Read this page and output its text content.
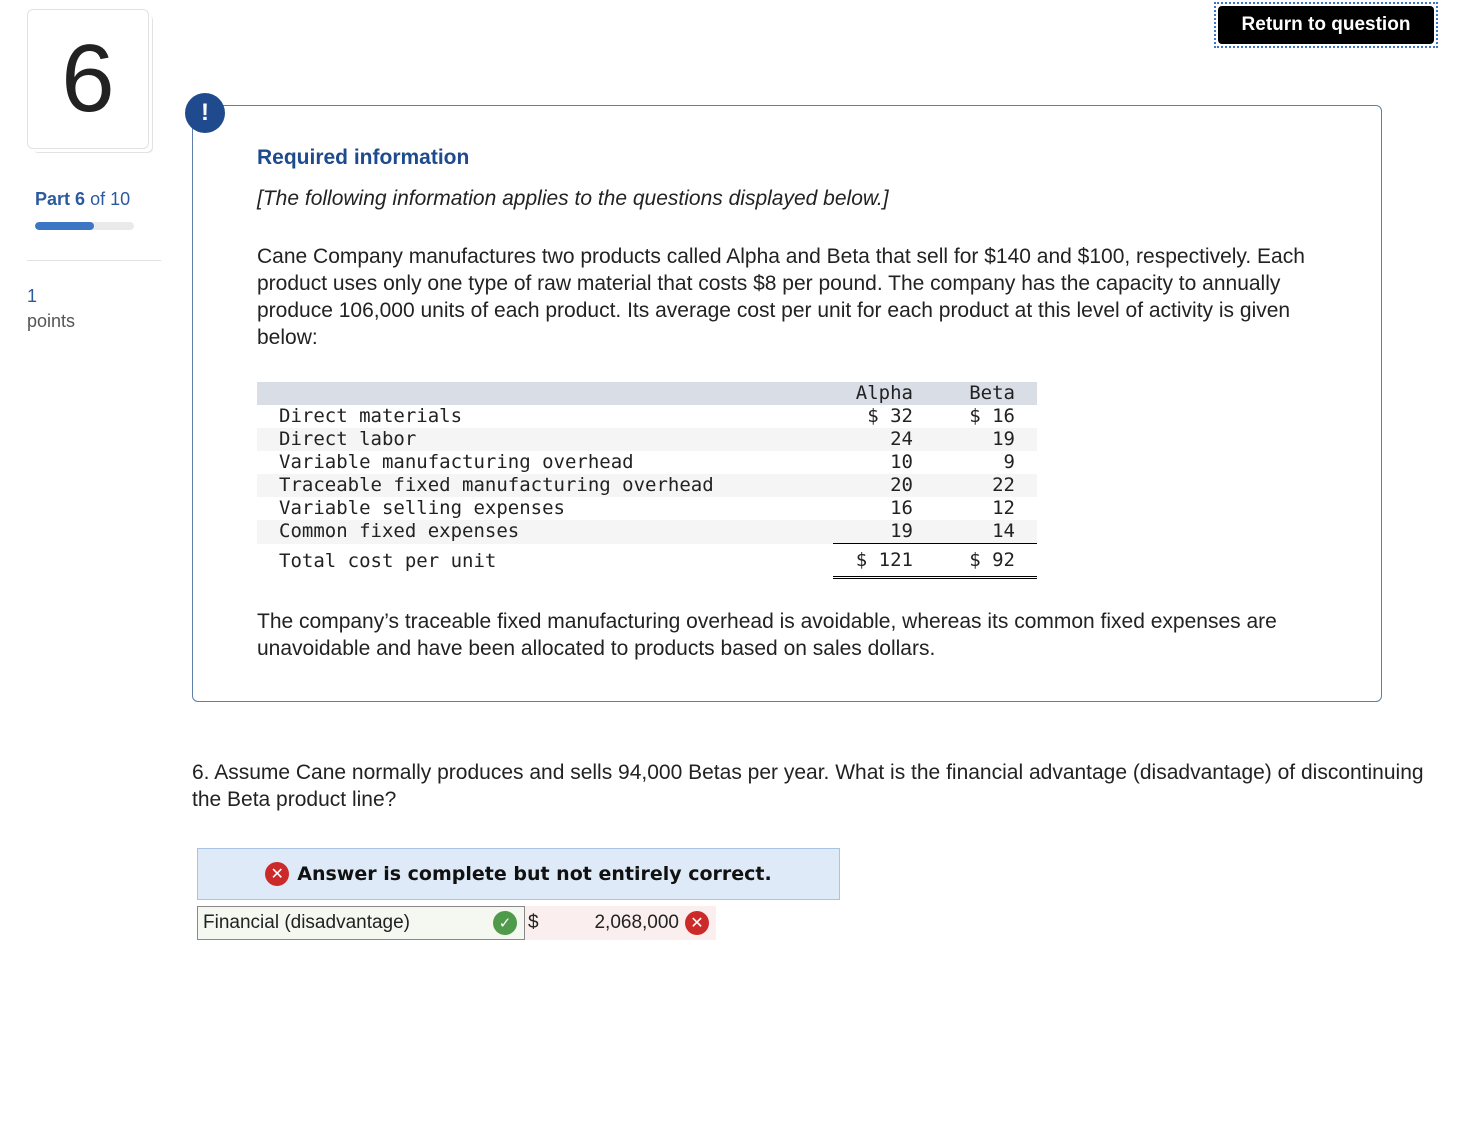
6
Part 6 of 10
1
points
Return to question
!
Required information
[The following information applies to the questions displayed below.]

Cane Company manufactures two products called Alpha and Beta that sell for $140 and $100, respectively. Each product uses only one type of raw material that costs $8 per pound. The company has the capacity to annually produce 106,000 units of each product. Its average cost per unit for each product at this level of activity is given below:

	Alpha		Beta
Direct materials	$ 32		$ 16
Direct labor	24		19
Variable manufacturing overhead	10		9
Traceable fixed manufacturing overhead	20		22
Variable selling expenses	16		12
Common fixed expenses	19		14
Total cost per unit	$ 121		$ 92

The company’s traceable fixed manufacturing overhead is avoidable, whereas its common fixed expenses are unavoidable and have been allocated to products based on sales dollars.

6. Assume Cane normally produces and sells 94,000 Betas per year. What is the financial advantage (disadvantage) of discontinuing the Beta product line?

✕ Answer is complete but not entirely correct.
Financial (disadvantage)	✓ $	2,068,000 ✕
